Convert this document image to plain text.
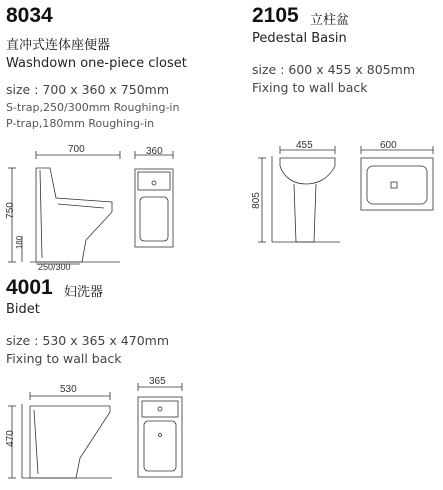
8034
直冲式连体座便器
Washdown one-piece closet
size : 700 x 360 x 750mm
S-trap,250/300mm Roughing-in
P-trap,180mm Roughing-in
700
750
180
250/300
360
2105 立柱盆
Pedestal Basin
size : 600 x 455 x 805mm
Fixing to wall back
455
805
600
4001 妇洗器
Bidet
size : 530 x 365 x 470mm
Fixing to wall back
530
470
365
